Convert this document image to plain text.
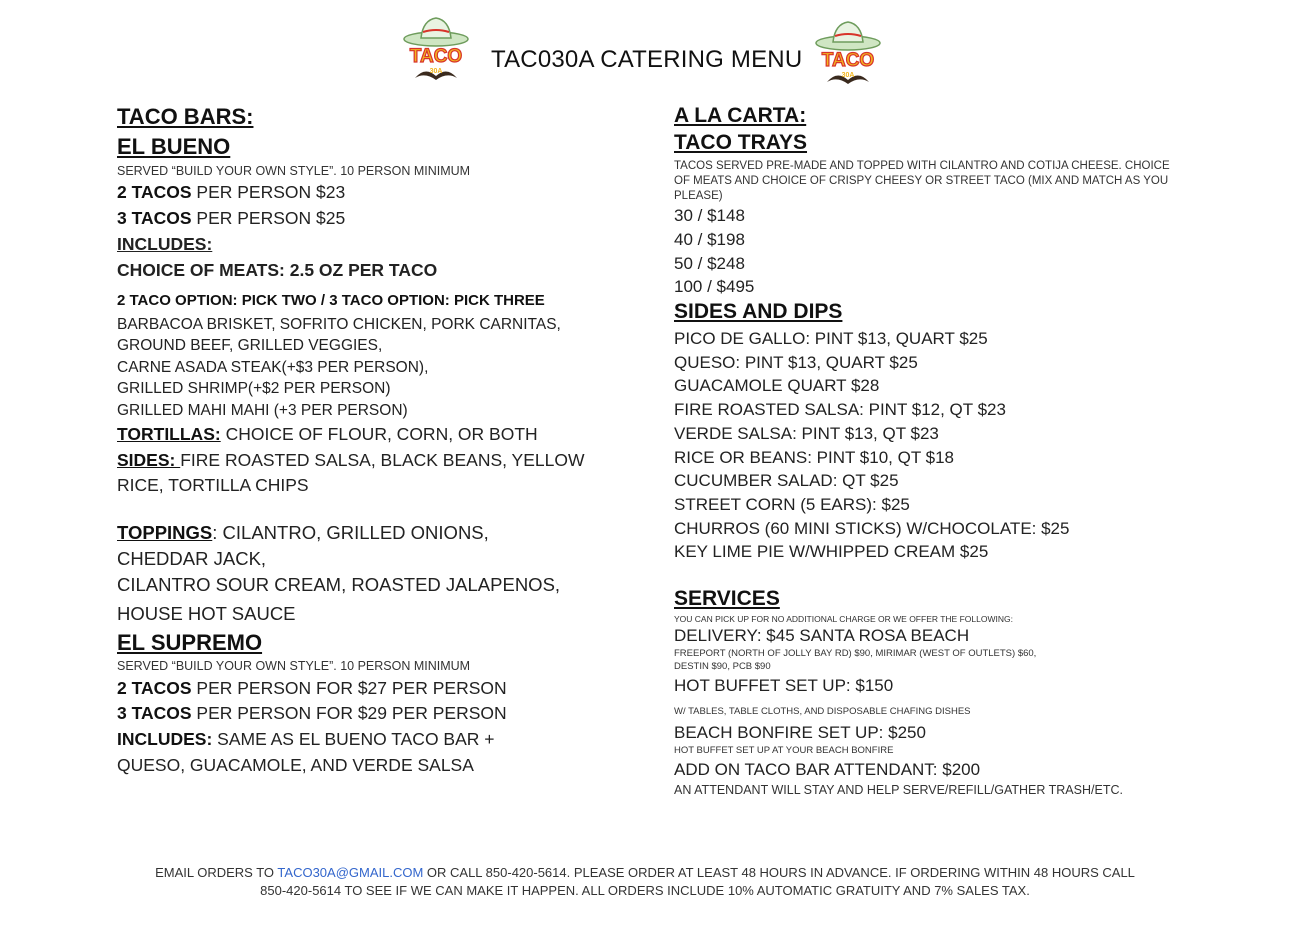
TACO
30A TAC030A CATERING MENU TACO
30A
TACO BARS:
EL BUENO
SERVED “BUILD YOUR OWN STYLE”. 10 PERSON MINIMUM
2 TACOS PER PERSON $23
3 TACOS PER PERSON $25
INCLUDES:
CHOICE OF MEATS: 2.5 OZ PER TACO
2 TACO OPTION: PICK TWO / 3 TACO OPTION: PICK THREE
BARBACOA BRISKET, SOFRITO CHICKEN, PORK CARNITAS,
GROUND BEEF, GRILLED VEGGIES,
CARNE ASADA STEAK(+$3 PER PERSON),
GRILLED SHRIMP(+$2 PER PERSON)
GRILLED MAHI MAHI (+3 PER PERSON)
TORTILLAS: CHOICE OF FLOUR, CORN, OR BOTH
SIDES: FIRE ROASTED SALSA, BLACK BEANS, YELLOW
RICE, TORTILLA CHIPS
TOPPINGS: CILANTRO, GRILLED ONIONS,
CHEDDAR JACK,
CILANTRO SOUR CREAM, ROASTED JALAPENOS,
HOUSE HOT SAUCE
EL SUPREMO
SERVED “BUILD YOUR OWN STYLE”. 10 PERSON MINIMUM
2 TACOS PER PERSON FOR $27 PER PERSON
3 TACOS PER PERSON FOR $29 PER PERSON
INCLUDES: SAME AS EL BUENO TACO BAR +
QUESO, GUACAMOLE, AND VERDE SALSA
A LA CARTA:
TACO TRAYS
TACOS SERVED PRE-MADE AND TOPPED WITH CILANTRO AND COTIJA CHEESE. CHOICE OF MEATS AND CHOICE OF CRISPY CHEESY OR STREET TACO (MIX AND MATCH AS YOU PLEASE)
30 / $148
40 / $198
50 / $248
100 / $495
SIDES AND DIPS
PICO DE GALLO: PINT $13, QUART $25
QUESO: PINT $13, QUART $25
GUACAMOLE QUART $28
FIRE ROASTED SALSA: PINT $12, QT $23
VERDE SALSA: PINT $13, QT $23
RICE OR BEANS: PINT $10, QT $18
CUCUMBER SALAD: QT $25
STREET CORN (5 EARS): $25
CHURROS (60 MINI STICKS) W/CHOCOLATE: $25
KEY LIME PIE W/WHIPPED CREAM $25
SERVICES
YOU CAN PICK UP FOR NO ADDITIONAL CHARGE OR WE OFFER THE FOLLOWING:
DELIVERY: $45 SANTA ROSA BEACH
FREEPORT (NORTH OF JOLLY BAY RD) $90, MIRIMAR (WEST OF OUTLETS) $60,
DESTIN $90, PCB $90
HOT BUFFET SET UP: $150
W/ TABLES, TABLE CLOTHS, AND DISPOSABLE CHAFING DISHES
BEACH BONFIRE SET UP: $250
HOT BUFFET SET UP AT YOUR BEACH BONFIRE
ADD ON TACO BAR ATTENDANT: $200
AN ATTENDANT WILL STAY AND HELP SERVE/REFILL/GATHER TRASH/ETC.
EMAIL ORDERS TO TACO30A@GMAIL.COM OR CALL 850-420-5614. PLEASE ORDER AT LEAST 48 HOURS IN ADVANCE. IF ORDERING WITHIN 48 HOURS CALL
850-420-5614 TO SEE IF WE CAN MAKE IT HAPPEN. ALL ORDERS INCLUDE 10% AUTOMATIC GRATUITY AND 7% SALES TAX.
